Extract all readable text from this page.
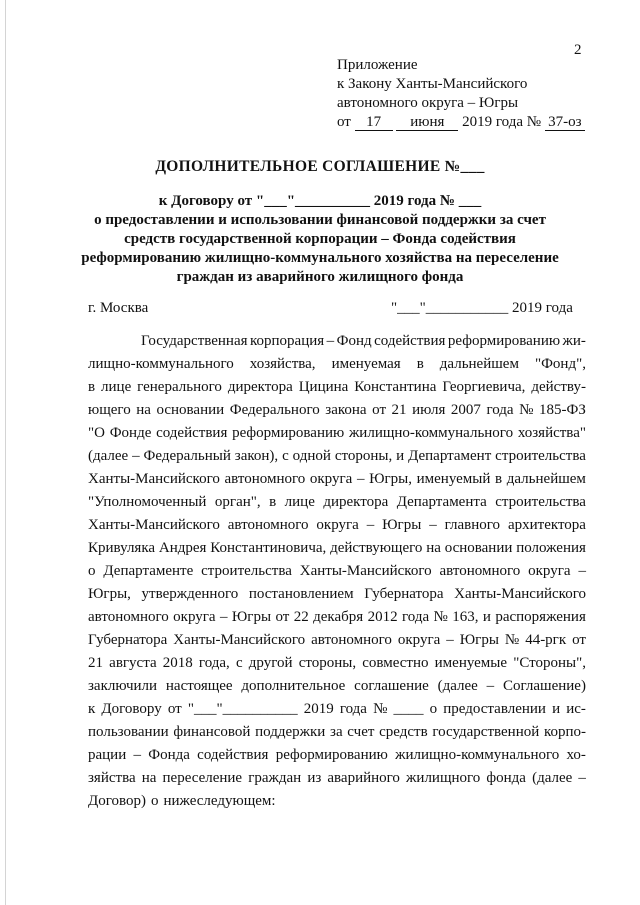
2
Приложение
к Закону Ханты-Мансийского
автономного округа – Югры
от 17 июня 2019 года № 37-оз
ДОПОЛНИТЕЛЬНОЕ СОГЛАШЕНИЕ №___
к Договору от "___"__________ 2019 года № ___
о предоставлении и использовании финансовой поддержки за счет
средств государственной корпорации – Фонда содействия
реформированию жилищно-коммунального хозяйства на переселение
граждан из аварийного жилищного фонда
г. Москва	"___"___________ 2019 года
Государственная корпорация – Фонд содействия реформированию жи-
лищно-коммунального хозяйства, именуемая в дальнейшем "Фонд",
в лице генерального директора Цицина Константина Георгиевича, действу-
ющего на основании Федерального закона от 21 июля 2007 года № 185-ФЗ
"О Фонде содействия реформированию жилищно-коммунального хозяйства"
(далее – Федеральный закон), с одной стороны, и Департамент строительства
Ханты-Мансийского автономного округа – Югры, именуемый в дальнейшем
"Уполномоченный орган", в лице директора Департамента строительства
Ханты-Мансийского автономного округа – Югры – главного архитектора
Кривуляка Андрея Константиновича, действующего на основании положения
о Департаменте строительства Ханты-Мансийского автономного округа –
Югры, утвержденного постановлением Губернатора Ханты-Мансийского
автономного округа – Югры от 22 декабря 2012 года № 163, и распоряжения
Губернатора Ханты-Мансийского автономного округа – Югры № 44-ргк от
21 августа 2018 года, с другой стороны, совместно именуемые "Стороны",
заключили настоящее дополнительное соглашение (далее – Соглашение)
к Договору от "___"__________ 2019 года № ____ о предоставлении и ис-
пользовании финансовой поддержки за счет средств государственной корпо-
рации – Фонда содействия реформированию жилищно-коммунального хо-
зяйства на переселение граждан из аварийного жилищного фонда (далее –
Договор) о нижеследующем:
